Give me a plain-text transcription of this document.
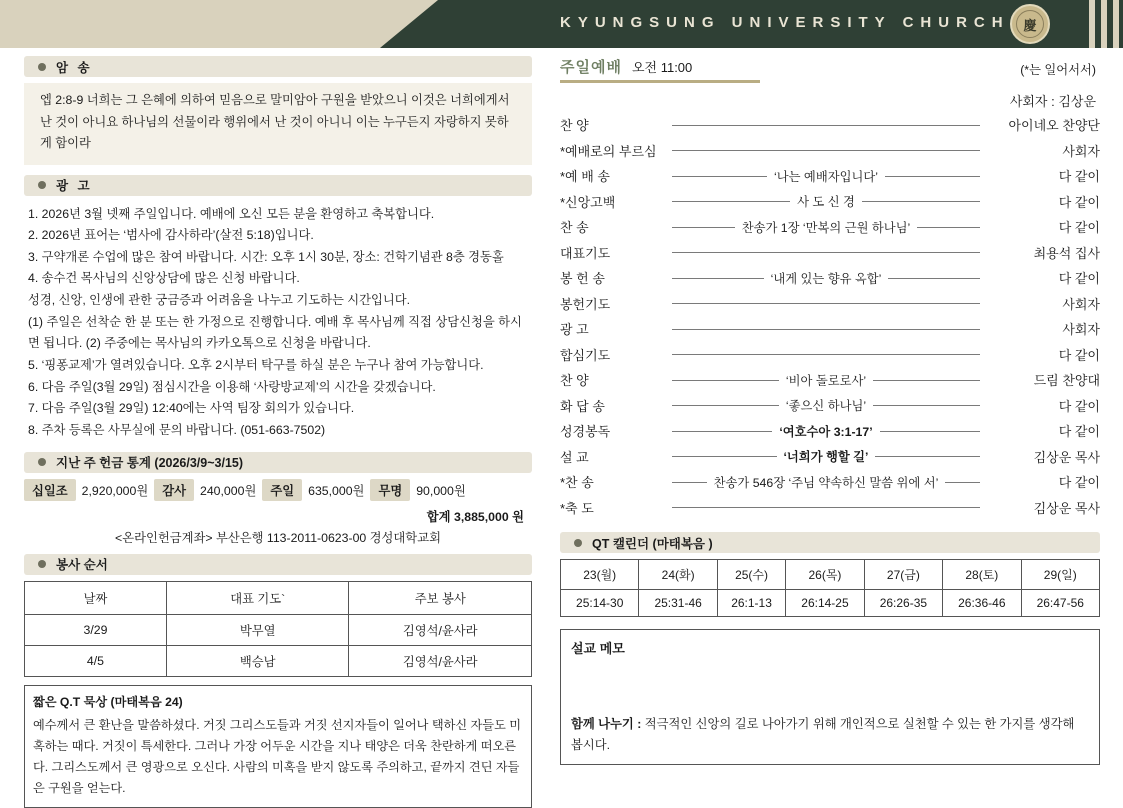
KYUNGSUNG UNIVERSITY CHURCH	慶
암 송
엡 2:8-9 너희는 그 은혜에 의하여 믿음으로 말미암아 구원을 받았으니 이것은 너희에게서 난 것이 아니요 하나님의 선물이라 행위에서 난 것이 아니니 이는 누구든지 자랑하지 못하게 함이라
광 고
1. 2026년 3월 넷째 주일입니다. 예배에 오신 모든 분을 환영하고 축복합니다.
2. 2026년 표어는 ‘범사에 감사하라’(살전 5:18)입니다.
3. 구약개론 수업에 많은 참여 바랍니다. 시간: 오후 1시 30분, 장소: 건학기념관 8층 경동홀
4. 송수건 목사님의 신앙상담에 많은 신청 바랍니다.
성경, 신앙, 인생에 관한 궁금증과 어려움을 나누고 기도하는 시간입니다.
(1) 주일은 선착순 한 분 또는 한 가정으로 진행합니다. 예배 후 목사님께 직접 상담신청을 하시면 됩니다. (2) 주중에는 목사님의 카카오톡으로 신청을 바랍니다.
5. ‘핑퐁교제’가 열려있습니다. 오후 2시부터 탁구를 하실 분은 누구나 참여 가능합니다.
6. 다음 주일(3월 29일) 점심시간을 이용해 ‘사랑방교제’의 시간을 갖겠습니다.
7. 다음 주일(3월 29일) 12:40에는 사역 팀장 회의가 있습니다.
8. 주차 등록은 사무실에 문의 바랍니다. (051-663-7502)
지난 주 헌금 통계 (2026/3/9~3/15)
십일조	2,920,000원	감사	240,000원	주일	635,000원	무명	90,000원
합계 3,885,000 원
<온라인헌금계좌> 부산은행 113-2011-0623-00 경성대학교회
봉사 순서
날짜	대표 기도`	주보 봉사
3/29	박무열	김영석/윤사라
4/5	백승남	김영석/윤사라
짧은 Q.T 묵상 (마태복음 24)
예수께서 큰 환난을 말씀하셨다. 거짓 그리스도들과 거짓 선지자들이 일어나 택하신 자들도 미혹하는 때다. 거짓이 특세한다. 그러나 가장 어두운 시간을 지나 태양은 더욱 찬란하게 떠오른다. 그리스도께서 큰 영광으로 오신다. 사람의 미혹을 받지 않도록 주의하고, 끝까지 견딘 자들은 구원을 얻는다.
주일예배 오전 11:00	(*는 일어서서)
사회자 : 김상운
찬 양	아이네오 찬양단
*예배로의 부르심	사회자
*예 배 송	‘나는 예배자입니다’	다 같이
*신앙고백	사 도 신 경	다 같이
찬 송	찬송가 1장 ‘만복의 근원 하나님’	다 같이
대표기도	최용석 집사
봉 헌 송	‘내게 있는 향유 옥합’	다 같이
봉헌기도	사회자
광 고	사회자
합심기도	다 같이
찬 양	‘비아 돌로로사’	드림 찬양대
화 답 송	‘좋으신 하나님’	다 같이
성경봉독	‘여호수아 3:1-17’	다 같이
설 교	‘너희가 행할 길’	김상운 목사
*찬 송	찬송가 546장 ‘주님 약속하신 말씀 위에 서’	다 같이
*축 도	김상운 목사
QT 캘린더 (마태복음 )
23(월)	24(화)	25(수)	26(목)	27(금)	28(토)	29(일)
25:14-30	25:31-46	26:1-13	26:14-25	26:26-35	26:36-46	26:47-56
설교 메모
함께 나누기 : 적극적인 신앙의 길로 나아가기 위해 개인적으로 실천할 수 있는 한 가지를 생각해 봅시다.
